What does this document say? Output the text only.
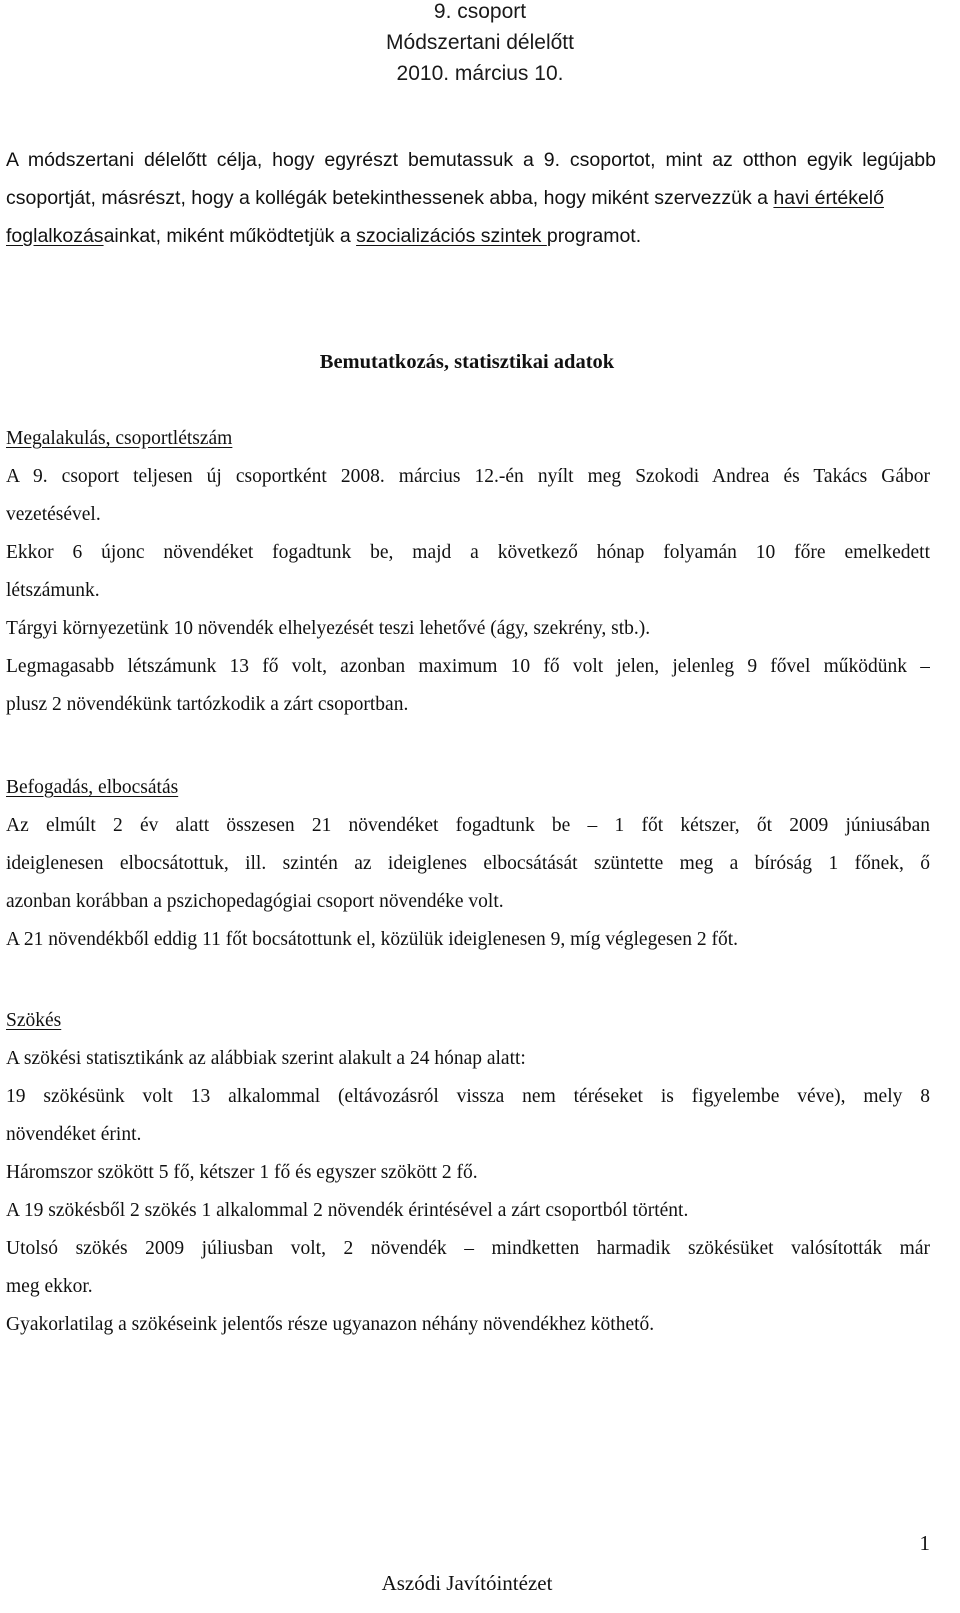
9. csoport
Módszertani délelőtt
2010. március 10.
A módszertani délelőtt célja, hogy egyrészt bemutassuk a 9. csoportot, mint az otthon egyik legújabb
csoportját, másrészt, hogy a kollégák betekinthessenek abba, hogy miként szervezzük a havi értékelő
foglalkozásainkat, miként működtetjük a szocializációs szintek programot.
Bemutatkozás, statisztikai adatok
Megalakulás, csoportlétszám
A 9. csoport teljesen új csoportként 2008. március 12.-én nyílt meg Szokodi Andrea és Takács Gábor
vezetésével.
Ekkor 6 újonc növendéket fogadtunk be, majd a következő hónap folyamán 10 főre emelkedett
létszámunk.
Tárgyi környezetünk 10 növendék elhelyezését teszi lehetővé (ágy, szekrény, stb.).
Legmagasabb létszámunk 13 fő volt, azonban maximum 10 fő volt jelen, jelenleg 9 fővel működünk –
plusz 2 növendékünk tartózkodik a zárt csoportban.
Befogadás, elbocsátás
Az elmúlt 2 év alatt összesen 21 növendéket fogadtunk be – 1 főt kétszer, őt 2009 júniusában
ideiglenesen elbocsátottuk, ill. szintén az ideiglenes elbocsátását szüntette meg a bíróság 1 főnek, ő
azonban korábban a pszichopedagógiai csoport növendéke volt.
A 21 növendékből eddig 11 főt bocsátottunk el, közülük ideiglenesen 9, míg véglegesen 2 főt.
Szökés
A szökési statisztikánk az alábbiak szerint alakult a 24 hónap alatt:
19 szökésünk volt 13 alkalommal (eltávozásról vissza nem téréseket is figyelembe véve), mely 8
növendéket érint.
Háromszor szökött 5 fő, kétszer 1 fő és egyszer szökött 2 fő.
A 19 szökésből 2 szökés 1 alkalommal 2 növendék érintésével a zárt csoportból történt.
Utolsó szökés 2009 júliusban volt, 2 növendék – mindketten harmadik szökésüket valósították már
meg ekkor.
Gyakorlatilag a szökéseink jelentős része ugyanazon néhány növendékhez köthető.
1
Aszódi Javítóintézet
